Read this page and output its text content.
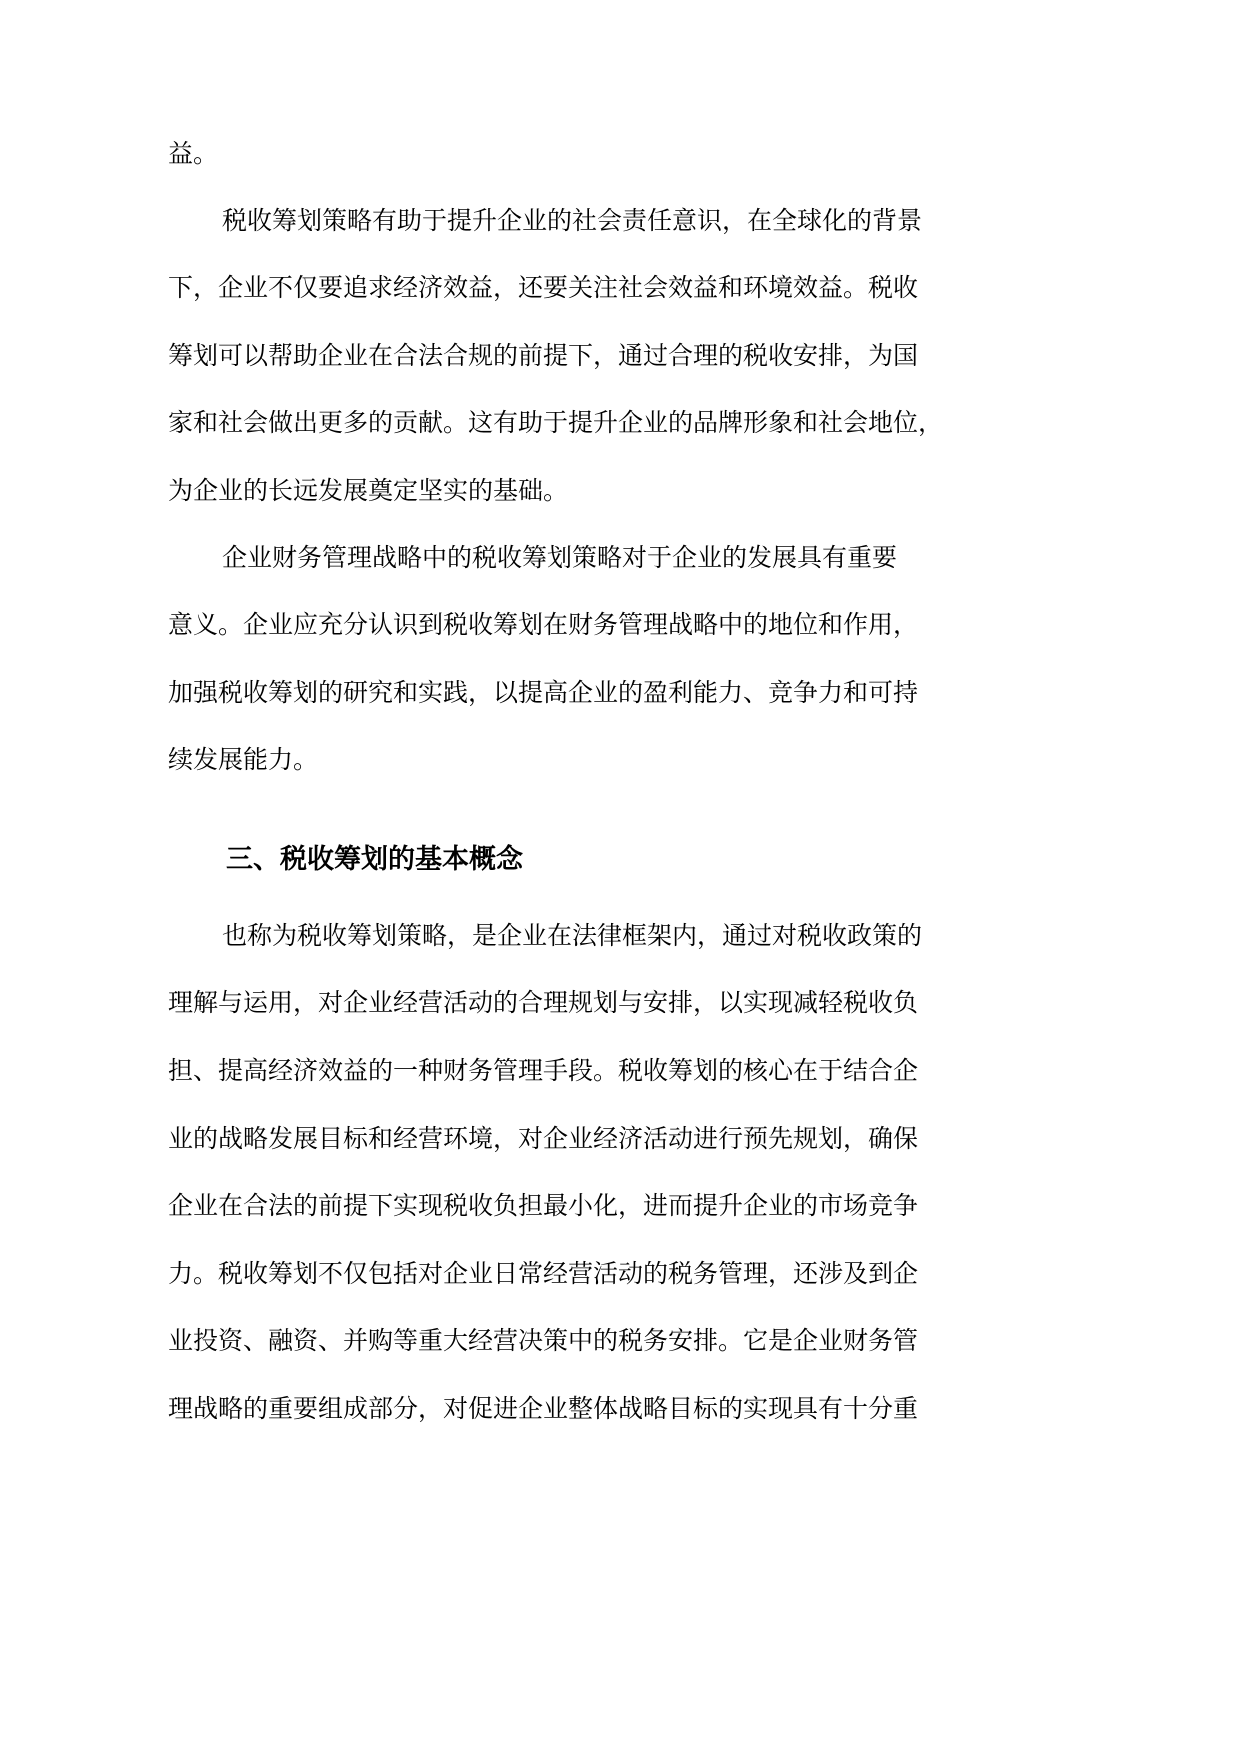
益。

税收筹划策略有助于提升企业的社会责任意识，在全球化的背景

下，企业不仅要追求经济效益，还要关注社会效益和环境效益。税收

筹划可以帮助企业在合法合规的前提下，通过合理的税收安排，为国

家和社会做出更多的贡献。这有助于提升企业的品牌形象和社会地位，

为企业的长远发展奠定坚实的基础。

企业财务管理战略中的税收筹划策略对于企业的发展具有重要

意义。企业应充分认识到税收筹划在财务管理战略中的地位和作用，

加强税收筹划的研究和实践，以提高企业的盈利能力、竞争力和可持

续发展能力。

三、税收筹划的基本概念

也称为税收筹划策略，是企业在法律框架内，通过对税收政策的

理解与运用，对企业经营活动的合理规划与安排，以实现减轻税收负

担、提高经济效益的一种财务管理手段。税收筹划的核心在于结合企

业的战略发展目标和经营环境，对企业经济活动进行预先规划，确保

企业在合法的前提下实现税收负担最小化，进而提升企业的市场竞争

力。税收筹划不仅包括对企业日常经营活动的税务管理，还涉及到企

业投资、融资、并购等重大经营决策中的税务安排。它是企业财务管

理战略的重要组成部分，对促进企业整体战略目标的实现具有十分重
